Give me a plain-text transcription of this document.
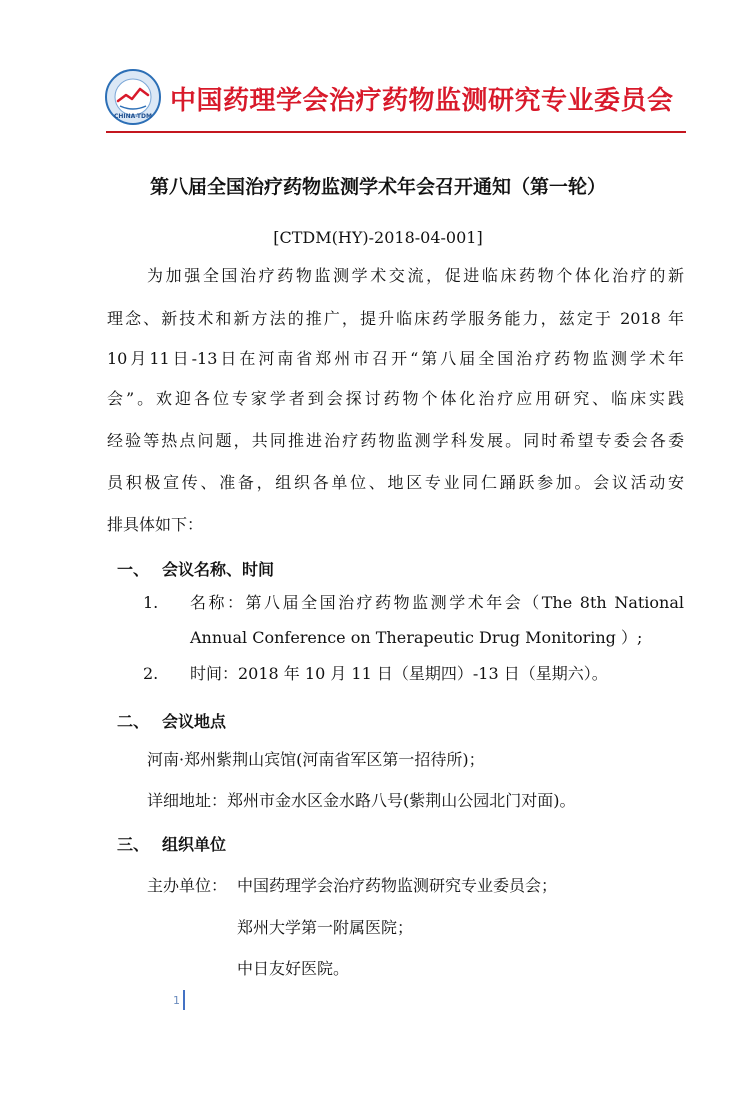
CHINA-TDM
中国药理学会治疗药物监测研究专业委员会
第八届全国治疗药物监测学术年会召开通知（第一轮）
[CTDM(HY)-2018-04-001]
为加强全国治疗药物监测学术交流，促进临床药物个体化治疗的新
理念、新技术和新方法的推广，提升临床药学服务能力，兹定于 2018 年
10月11日-13日在河南省郑州市召开“第八届全国治疗药物监测学术年
会”。欢迎各位专家学者到会探讨药物个体化治疗应用研究、临床实践
经验等热点问题，共同推进治疗药物监测学科发展。同时希望专委会各委
员积极宣传、准备，组织各单位、地区专业同仁踊跃参加。会议活动安
排具体如下：
一、 会议名称、时间
1. 名称：第八届全国治疗药物监测学术年会（The 8th National
Annual Conference on Therapeutic Drug Monitoring ）;
2. 时间：2018 年 10 月 11 日（星期四）-13 日（星期六）。
二、 会议地点
河南·郑州紫荆山宾馆(河南省军区第一招待所)；
详细地址：郑州市金水区金水路八号(紫荆山公园北门对面)。
三、 组织单位
主办单位： 中国药理学会治疗药物监测研究专业委员会；
郑州大学第一附属医院；
中日友好医院。
1
